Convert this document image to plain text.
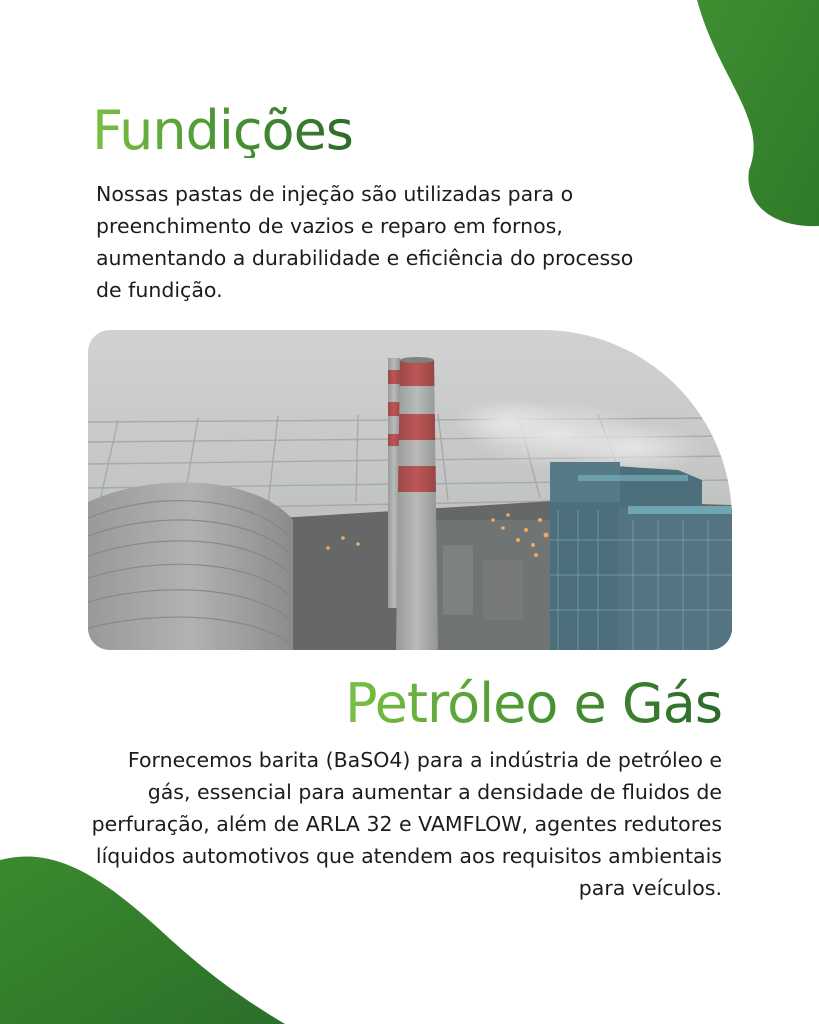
Fundições

Nossas pastas de injeção são utilizadas para o preenchimento de vazios e reparo em fornos, aumentando a durabilidade e eficiência do processo de fundição.

Petróleo e Gás

Fornecemos barita (BaSO4) para a indústria de petróleo e gás, essencial para aumentar a densidade de fluidos de perfuração, além de ARLA 32 e VAMFLOW, agentes redutores líquidos automotivos que atendem aos requisitos ambientais para veículos.
